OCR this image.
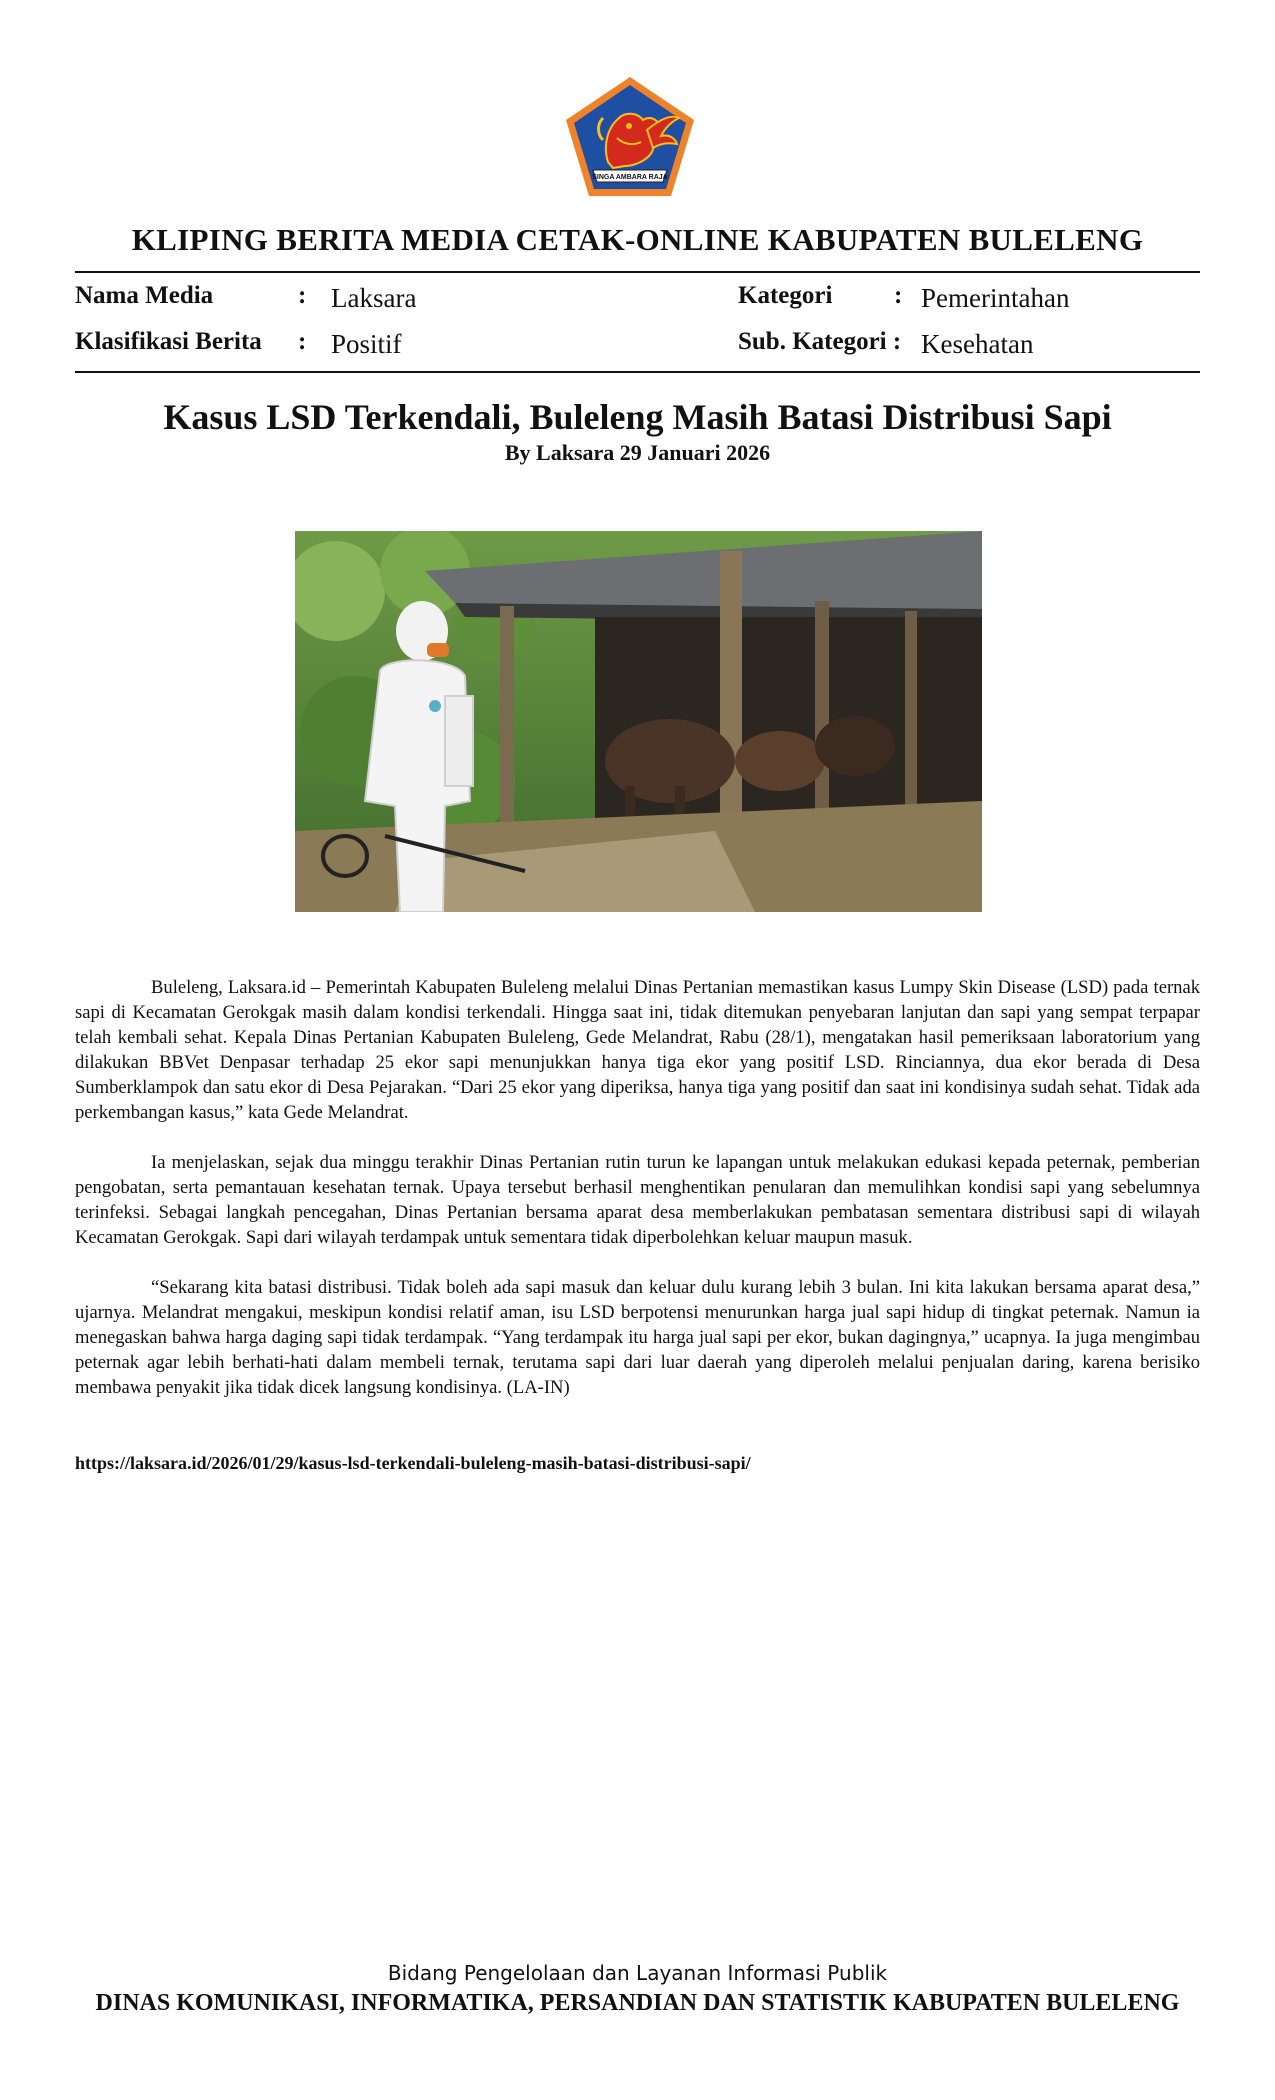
SINGA AMBARA RAJA
KLIPING BERITA MEDIA CETAK-ONLINE KABUPATEN BULELENG
Nama Media	: Laksara	Kategori : Pemerintahan
Klasifikasi Berita : Positif	Sub. Kategori : Kesehatan
Kasus LSD Terkendali, Buleleng Masih Batasi Distribusi Sapi
By Laksara 29 Januari 2026

Buleleng, Laksara.id – Pemerintah Kabupaten Buleleng melalui Dinas Pertanian memastikan kasus Lumpy Skin Disease (LSD) pada ternak sapi di Kecamatan Gerokgak masih dalam kondisi terkendali. Hingga saat ini, tidak ditemukan penyebaran lanjutan dan sapi yang sempat terpapar telah kembali sehat. Kepala Dinas Pertanian Kabupaten Buleleng, Gede Melandrat, Rabu (28/1), mengatakan hasil pemeriksaan laboratorium yang dilakukan BBVet Denpasar terhadap 25 ekor sapi menunjukkan hanya tiga ekor yang positif LSD. Rinciannya, dua ekor berada di Desa Sumberklampok dan satu ekor di Desa Pejarakan. “Dari 25 ekor yang diperiksa, hanya tiga yang positif dan saat ini kondisinya sudah sehat. Tidak ada perkembangan kasus,” kata Gede Melandrat.

Ia menjelaskan, sejak dua minggu terakhir Dinas Pertanian rutin turun ke lapangan untuk melakukan edukasi kepada peternak, pemberian pengobatan, serta pemantauan kesehatan ternak. Upaya tersebut berhasil menghentikan penularan dan memulihkan kondisi sapi yang sebelumnya terinfeksi. Sebagai langkah pencegahan, Dinas Pertanian bersama aparat desa memberlakukan pembatasan sementara distribusi sapi di wilayah Kecamatan Gerokgak. Sapi dari wilayah terdampak untuk sementara tidak diperbolehkan keluar maupun masuk.

“Sekarang kita batasi distribusi. Tidak boleh ada sapi masuk dan keluar dulu kurang lebih 3 bulan. Ini kita lakukan bersama aparat desa,” ujarnya. Melandrat mengakui, meskipun kondisi relatif aman, isu LSD berpotensi menurunkan harga jual sapi hidup di tingkat peternak. Namun ia menegaskan bahwa harga daging sapi tidak terdampak. “Yang terdampak itu harga jual sapi per ekor, bukan dagingnya,” ucapnya. Ia juga mengimbau peternak agar lebih berhati-hati dalam membeli ternak, terutama sapi dari luar daerah yang diperoleh melalui penjualan daring, karena berisiko membawa penyakit jika tidak dicek langsung kondisinya. (LA-IN)

https://laksara.id/2026/01/29/kasus-lsd-terkendali-buleleng-masih-batasi-distribusi-sapi/
Bidang Pengelolaan dan Layanan Informasi Publik
DINAS KOMUNIKASI, INFORMATIKA, PERSANDIAN DAN STATISTIK KABUPATEN BULELENG
